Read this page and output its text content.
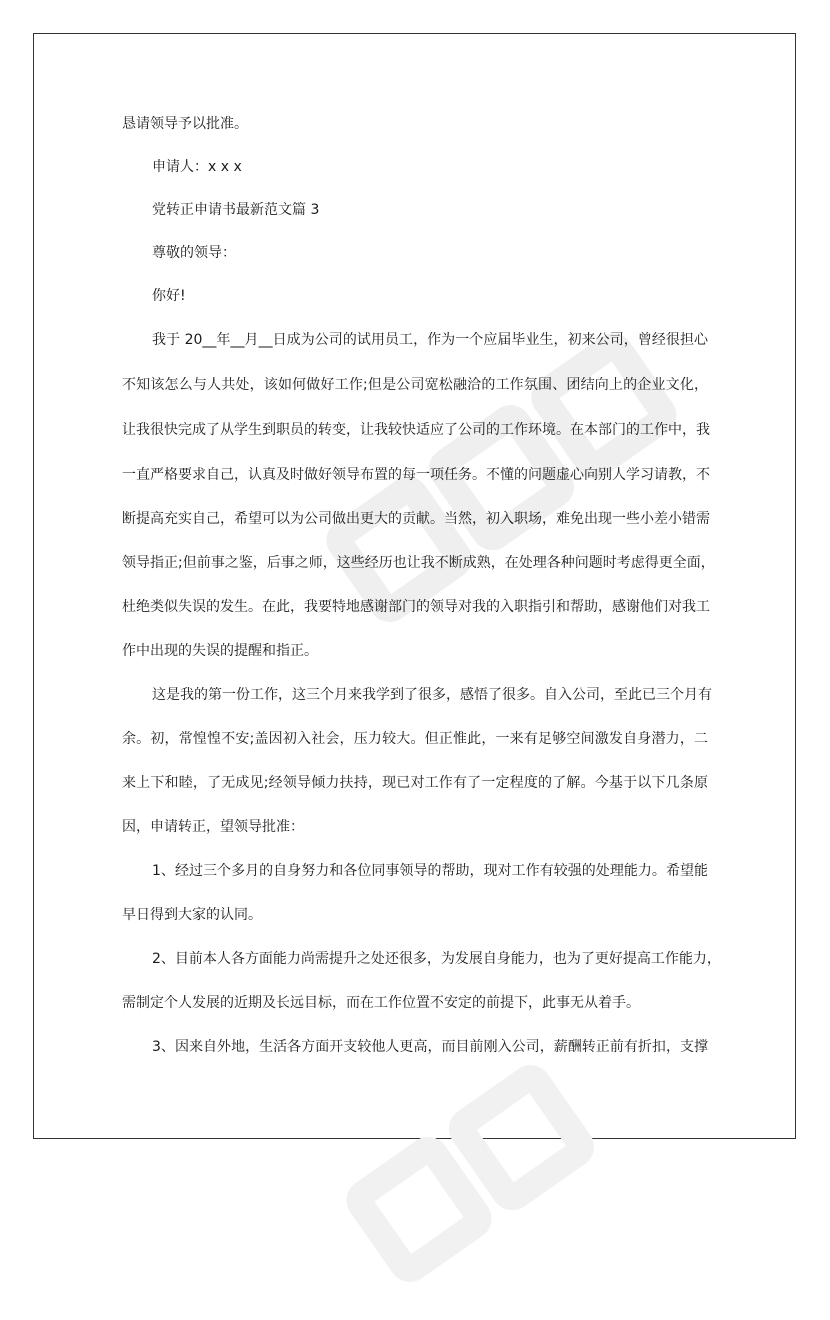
恳请领导予以批准。
申请人：x x x
党转正申请书最新范文篇 3
尊敬的领导：
你好!
我于 20__年__月__日成为公司的试用员工，作为一个应届毕业生，初来公司，曾经很担心
不知该怎么与人共处，该如何做好工作;但是公司宽松融洽的工作氛围、团结向上的企业文化，
让我很快完成了从学生到职员的转变，让我较快适应了公司的工作环境。在本部门的工作中，我
一直严格要求自己，认真及时做好领导布置的每一项任务。不懂的问题虚心向别人学习请教，不
断提高充实自己，希望可以为公司做出更大的贡献。当然，初入职场，难免出现一些小差小错需
领导指正;但前事之鉴，后事之师，这些经历也让我不断成熟，在处理各种问题时考虑得更全面，
杜绝类似失误的发生。在此，我要特地感谢部门的领导对我的入职指引和帮助，感谢他们对我工
作中出现的失误的提醒和指正。
这是我的第一份工作，这三个月来我学到了很多，感悟了很多。自入公司，至此已三个月有
余。初，常惶惶不安;盖因初入社会，压力较大。但正惟此，一来有足够空间激发自身潜力，二
来上下和睦，了无成见;经领导倾力扶持，现已对工作有了一定程度的了解。今基于以下几条原
因，申请转正，望领导批准：
1、经过三个多月的自身努力和各位同事领导的帮助，现对工作有较强的处理能力。希望能
早日得到大家的认同。
2、目前本人各方面能力尚需提升之处还很多，为发展自身能力，也为了更好提高工作能力，
需制定个人发展的近期及长远目标，而在工作位置不安定的前提下，此事无从着手。
3、因来自外地，生活各方面开支较他人更高，而目前刚入公司，薪酬转正前有折扣，支撑
